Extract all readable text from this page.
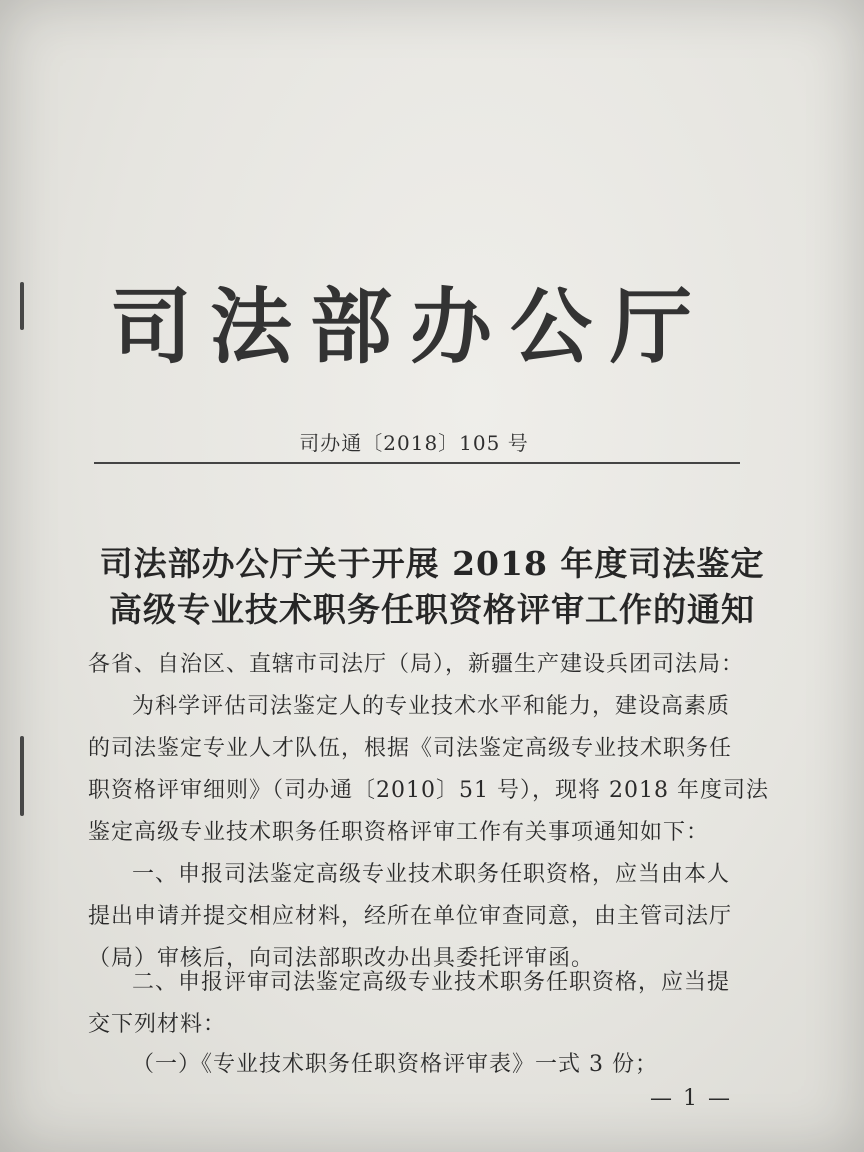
司法部办公厅
司办通〔2018〕105 号
司法部办公厅关于开展 2018 年度司法鉴定
高级专业技术职务任职资格评审工作的通知
各省、自治区、直辖市司法厅（局），新疆生产建设兵团司法局：
为科学评估司法鉴定人的专业技术水平和能力，建设高素质
的司法鉴定专业人才队伍，根据《司法鉴定高级专业技术职务任
职资格评审细则》（司办通〔2010〕51 号），现将 2018 年度司法
鉴定高级专业技术职务任职资格评审工作有关事项通知如下：
一、申报司法鉴定高级专业技术职务任职资格，应当由本人
提出申请并提交相应材料，经所在单位审查同意，由主管司法厅
（局）审核后，向司法部职改办出具委托评审函。
二、申报评审司法鉴定高级专业技术职务任职资格，应当提
交下列材料：
（一）《专业技术职务任职资格评审表》一式 3 份；
— 1 —
